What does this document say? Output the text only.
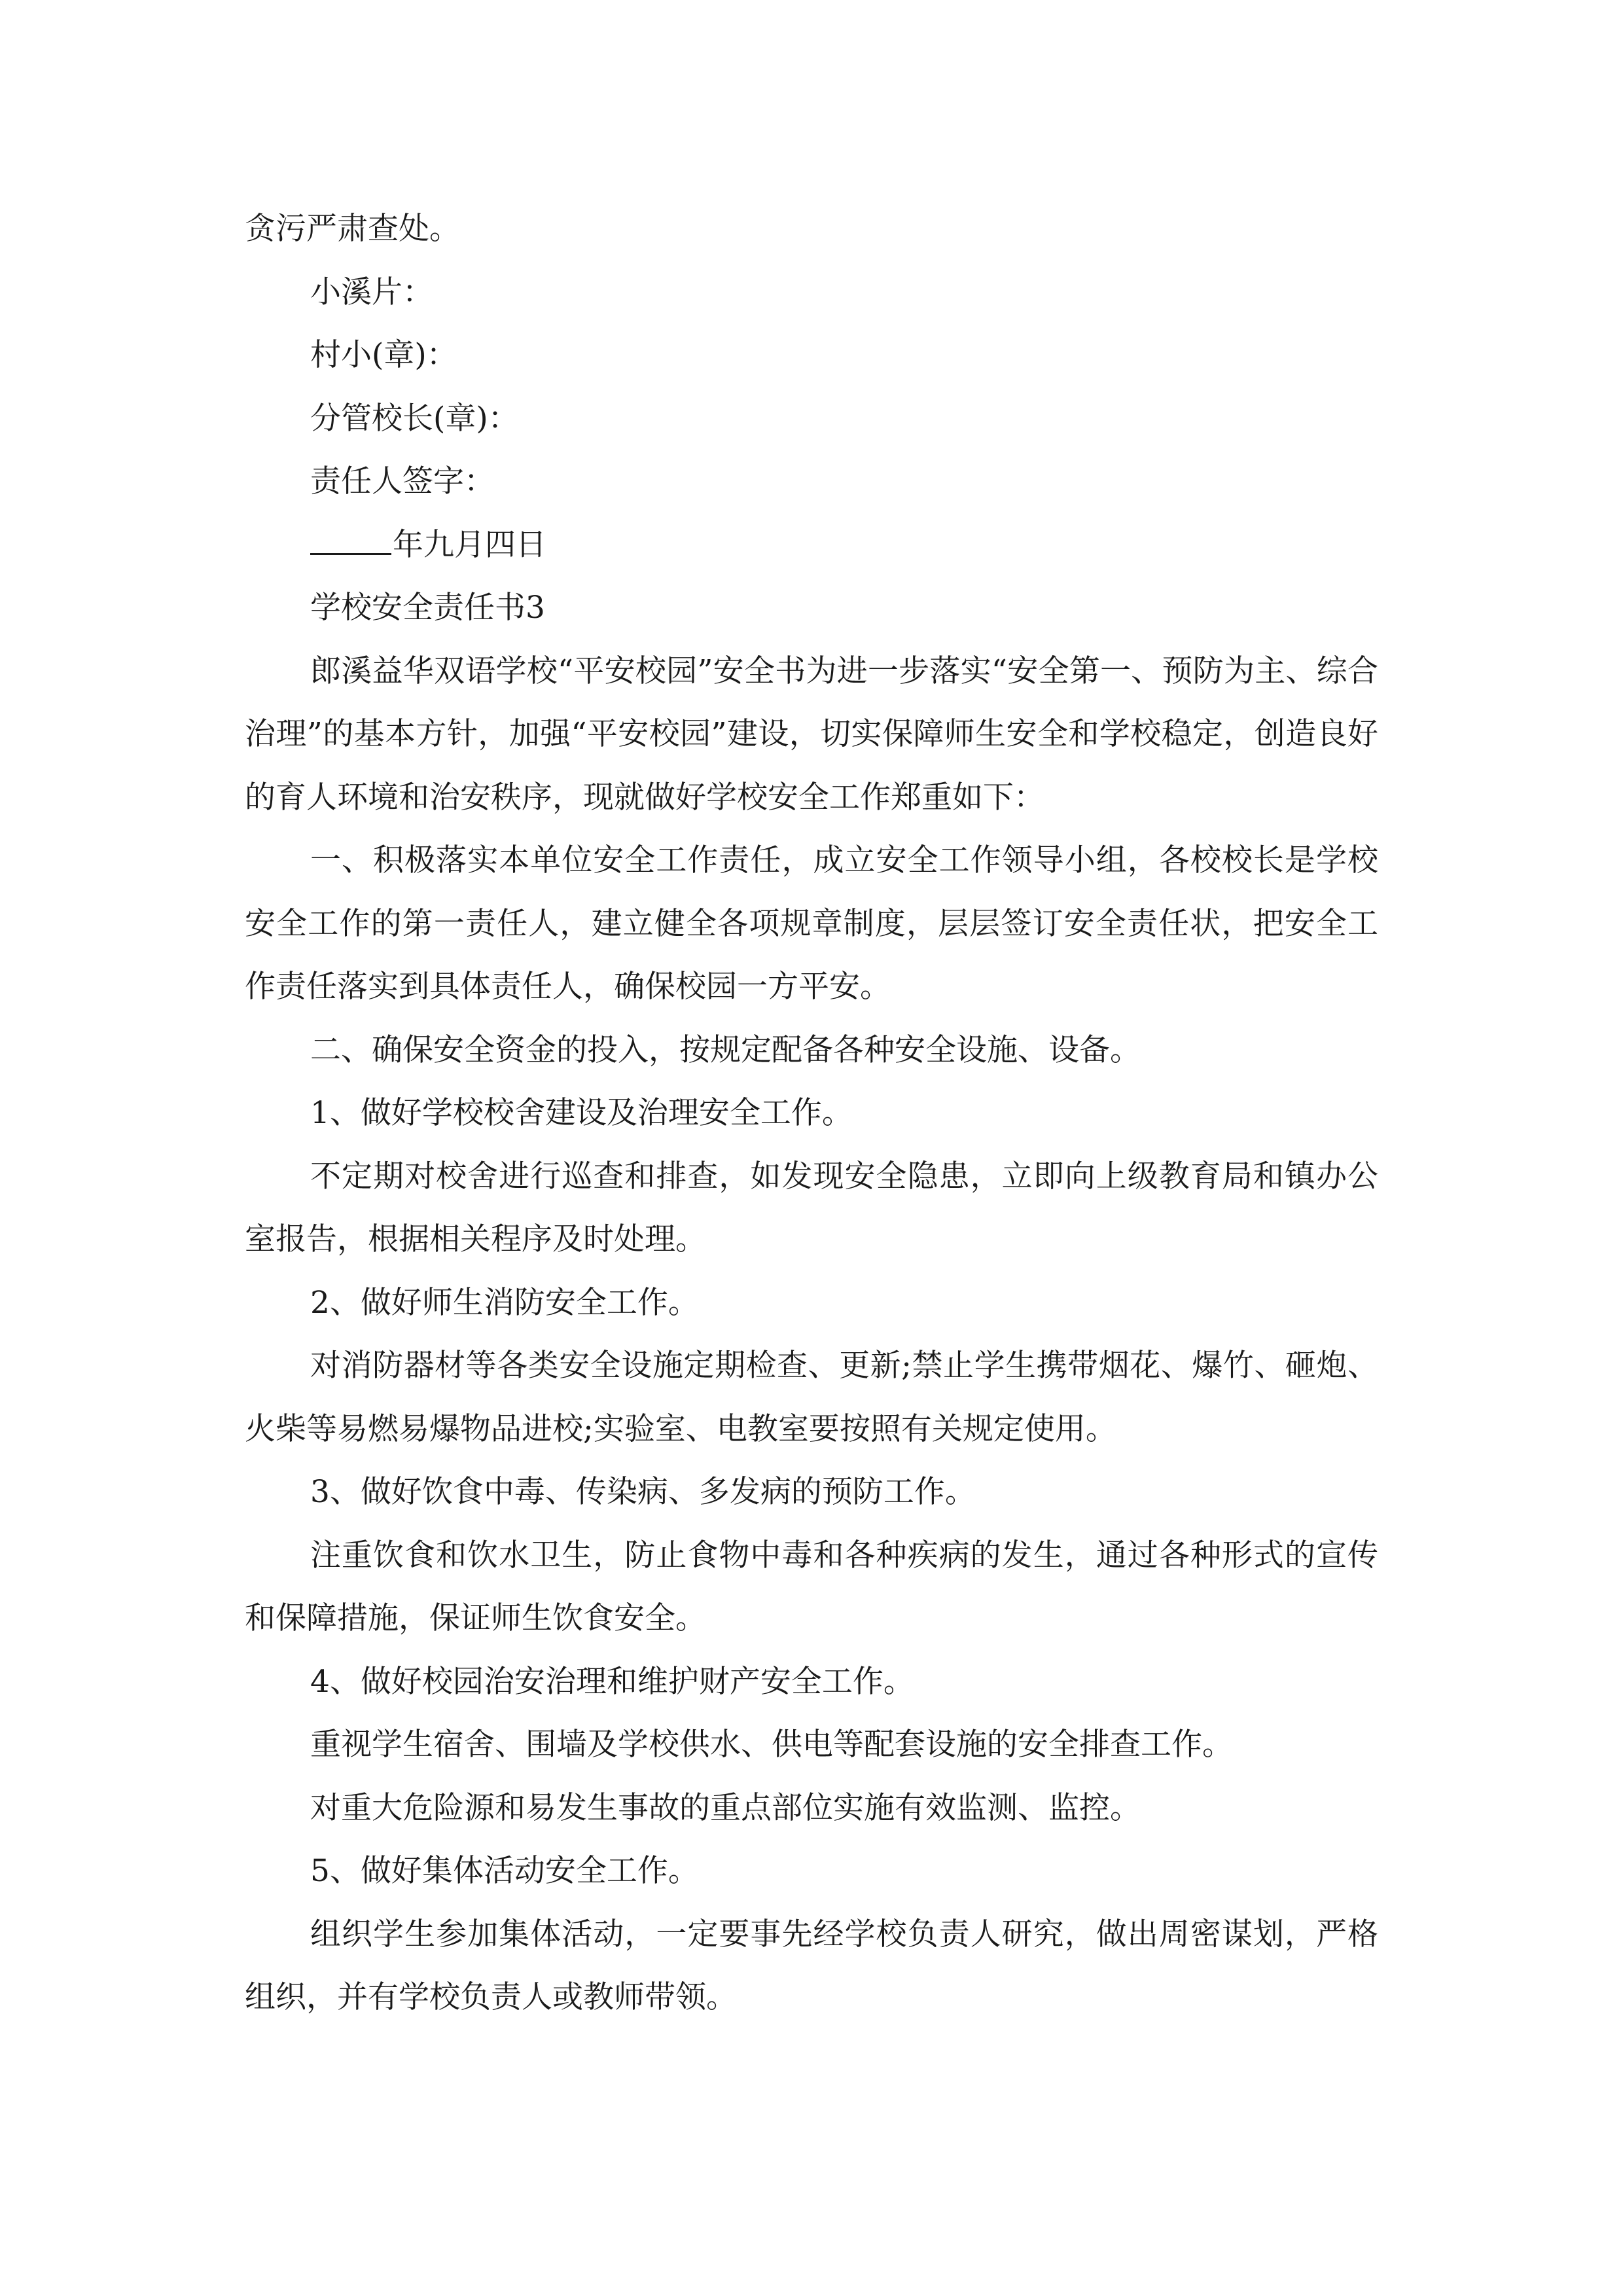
贪污严肃查处。

小溪片：

村小(章)：

分管校长(章)：

责任人签字：

年九月四日

学校安全责任书3

郎溪益华双语学校“平安校园”安全书为进一步落实“安全第一、预防为主、综合治理”的基本方针，加强“平安校园”建设，切实保障师生安全和学校稳定，创造良好的育人环境和治安秩序，现就做好学校安全工作郑重如下：

一、积极落实本单位安全工作责任，成立安全工作领导小组，各校校长是学校安全工作的第一责任人，建立健全各项规章制度，层层签订安全责任状，把安全工作责任落实到具体责任人，确保校园一方平安。

二、确保安全资金的投入，按规定配备各种安全设施、设备。

1、做好学校校舍建设及治理安全工作。

不定期对校舍进行巡查和排查，如发现安全隐患，立即向上级教育局和镇办公室报告，根据相关程序及时处理。

2、做好师生消防安全工作。

对消防器材等各类安全设施定期检查、更新;禁止学生携带烟花、爆竹、砸炮、火柴等易燃易爆物品进校;实验室、电教室要按照有关规定使用。

3、做好饮食中毒、传染病、多发病的预防工作。

注重饮食和饮水卫生，防止食物中毒和各种疾病的发生，通过各种形式的宣传和保障措施，保证师生饮食安全。

4、做好校园治安治理和维护财产安全工作。

重视学生宿舍、围墙及学校供水、供电等配套设施的安全排查工作。

对重大危险源和易发生事故的重点部位实施有效监测、监控。

5、做好集体活动安全工作。

组织学生参加集体活动，一定要事先经学校负责人研究，做出周密谋划，严格组织，并有学校负责人或教师带领。
